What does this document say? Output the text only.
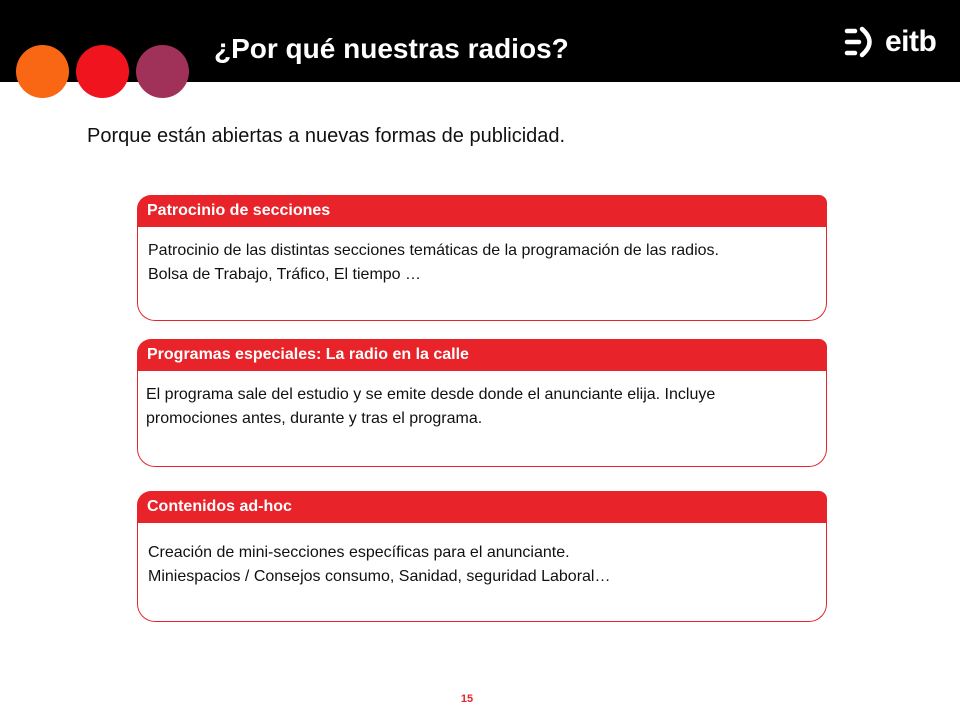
¿Por qué nuestras radios?	eitb
Porque están abiertas a nuevas formas de publicidad.
Patrocinio de las distintas secciones temáticas de la programación de las radios.
Bolsa de Trabajo, Tráfico, El tiempo …
Patrocinio de secciones
El programa sale del estudio y se emite desde donde el anunciante elija. Incluye
promociones antes, durante y tras el programa.
Programas especiales: La radio en la calle
Creación de mini-secciones específicas para el anunciante.
Miniespacios / Consejos consumo, Sanidad, seguridad Laboral…
Contenidos ad-hoc
15
